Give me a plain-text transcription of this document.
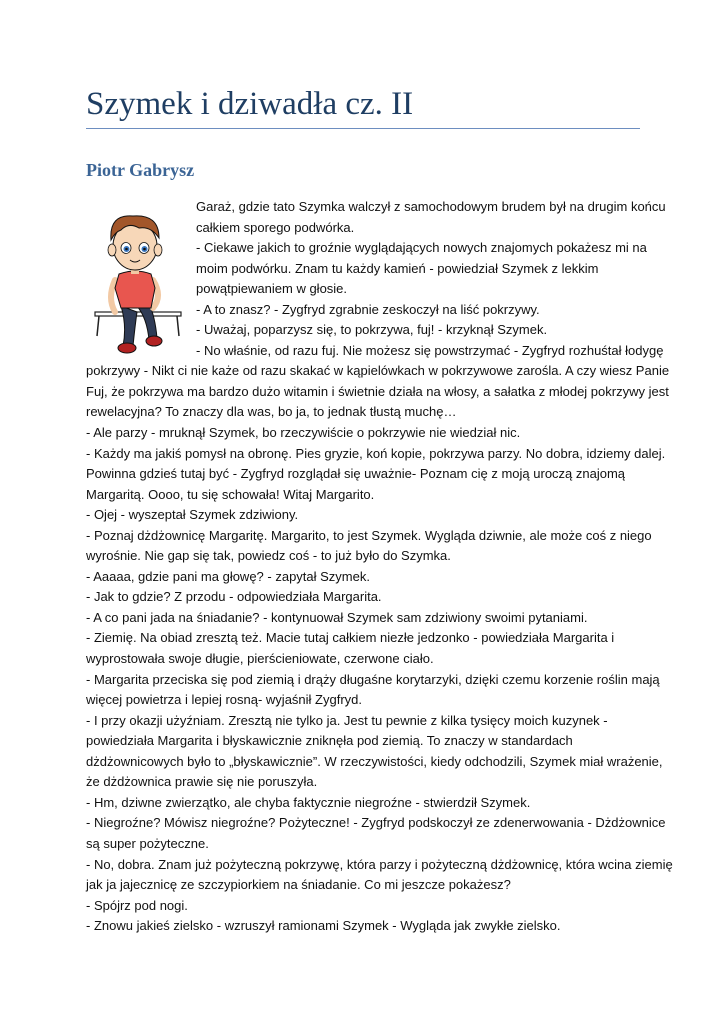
Szymek i dziwadła cz. II
Piotr Gabrysz
Garaż, gdzie tato Szymka walczył z samochodowym brudem był na drugim końcu
całkiem sporego podwórka.
- Ciekawe jakich to groźnie wyglądających nowych znajomych pokażesz mi na
moim podwórku. Znam tu każdy kamień - powiedział Szymek z lekkim
powątpiewaniem w głosie.
- A to znasz? - Zygfryd zgrabnie zeskoczył na liść pokrzywy.
- Uważaj, poparzysz się, to pokrzywa, fuj! - krzyknął Szymek.
- No właśnie, od razu fuj. Nie możesz się powstrzymać - Zygfryd rozhuśtał łodygę
pokrzywy - Nikt ci nie każe od razu skakać w kąpielówkach w pokrzywowe zarośla. A czy wiesz Panie
Fuj, że pokrzywa ma bardzo dużo witamin i świetnie działa na włosy, a sałatka z młodej pokrzywy jest
rewelacyjna? To znaczy dla was, bo ja, to jednak tłustą muchę…
- Ale parzy - mruknął Szymek, bo rzeczywiście o pokrzywie nie wiedział nic.
- Każdy ma jakiś pomysł na obronę. Pies gryzie, koń kopie, pokrzywa parzy. No dobra, idziemy dalej.
Powinna gdzieś tutaj być - Zygfryd rozglądał się uważnie- Poznam cię z moją uroczą znajomą
Margaritą. Oooo, tu się schowała! Witaj Margarito.
- Ojej - wyszeptał Szymek zdziwiony.
- Poznaj dżdżownicę Margaritę. Margarito, to jest Szymek. Wygląda dziwnie, ale może coś z niego
wyrośnie. Nie gap się tak, powiedz coś - to już było do Szymka.
- Aaaaa, gdzie pani ma głowę? - zapytał Szymek.
- Jak to gdzie? Z przodu - odpowiedziała Margarita.
- A co pani jada na śniadanie? - kontynuował Szymek sam zdziwiony swoimi pytaniami.
- Ziemię. Na obiad zresztą też. Macie tutaj całkiem niezłe jedzonko - powiedziała Margarita i
wyprostowała swoje długie, pierścieniowate, czerwone ciało.
- Margarita przeciska się pod ziemią i drąży długaśne korytarzyki, dzięki czemu korzenie roślin mają
więcej powietrza i lepiej rosną- wyjaśnił Zygfryd.
- I przy okazji użyźniam. Zresztą nie tylko ja. Jest tu pewnie z kilka tysięcy moich kuzynek -
powiedziała Margarita i błyskawicznie zniknęła pod ziemią. To znaczy w standardach
dżdżownicowych było to „błyskawicznie”. W rzeczywistości, kiedy odchodzili, Szymek miał wrażenie,
że dżdżownica prawie się nie poruszyła.
- Hm, dziwne zwierzątko, ale chyba faktycznie niegroźne - stwierdził Szymek.
- Niegroźne? Mówisz niegroźne? Pożyteczne! - Zygfryd podskoczył ze zdenerwowania - Dżdżownice
są super pożyteczne.
- No, dobra. Znam już pożyteczną pokrzywę, która parzy i pożyteczną dżdżownicę, która wcina ziemię
jak ja jajecznicę ze szczypiorkiem na śniadanie. Co mi jeszcze pokażesz?
- Spójrz pod nogi.
- Znowu jakieś zielsko - wzruszył ramionami Szymek - Wygląda jak zwykłe zielsko.
